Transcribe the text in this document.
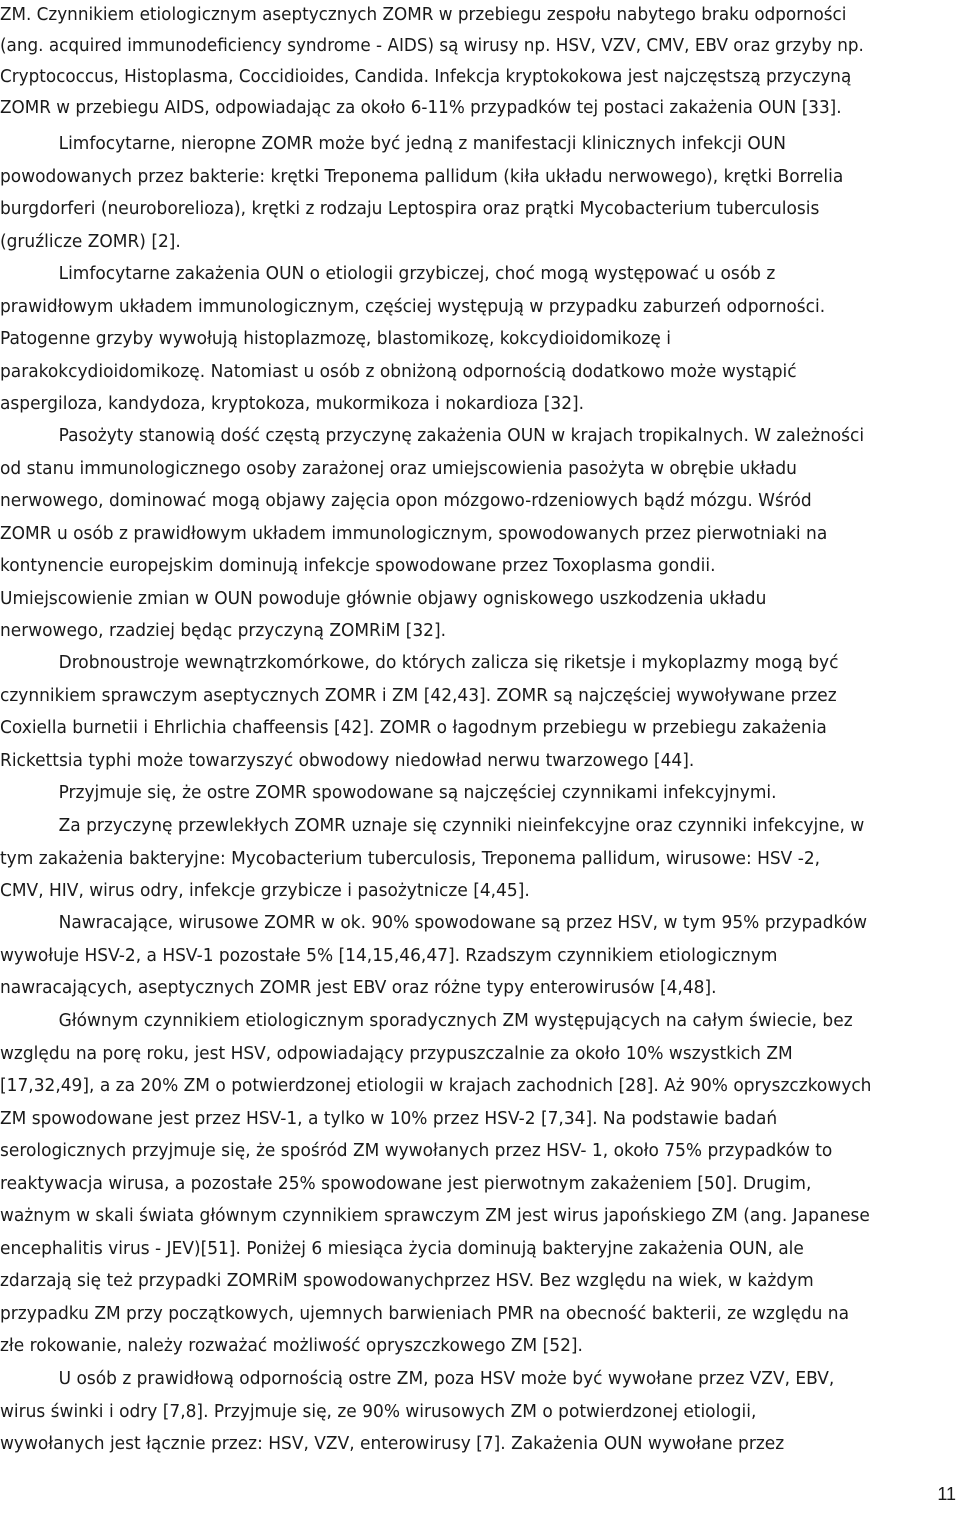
ZM. Czynnikiem etiologicznym aseptycznych ZOMR w przebiegu zespołu nabytego braku odporności
(ang. acquired immunodeficiency syndrome - AIDS) są wirusy np. HSV, VZV, CMV, EBV oraz grzyby np.
Cryptococcus, Histoplasma, Coccidioides, Candida. Infekcja kryptokokowa jest najczęstszą przyczyną
ZOMR w przebiegu AIDS, odpowiadając za około 6-11% przypadków tej postaci zakażenia OUN [33].
Limfocytarne, nieropne ZOMR może być jedną z manifestacji klinicznych infekcji OUN
powodowanych przez bakterie: krętki Treponema pallidum (kiła układu nerwowego), krętki Borrelia
burgdorferi (neuroborelioza), krętki z rodzaju Leptospira oraz prątki Mycobacterium tuberculosis
(gruźlicze ZOMR) [2].
Limfocytarne zakażenia OUN o etiologii grzybiczej, choć mogą występować u osób z
prawidłowym układem immunologicznym, częściej występują w przypadku zaburzeń odporności.
Patogenne grzyby wywołują histoplazmozę, blastomikozę, kokcydioidomikozę i
parakokcydioidomikozę. Natomiast u osób z obniżoną odpornością dodatkowo może wystąpić
aspergiloza, kandydoza, kryptokoza, mukormikoza i nokardioza [32].
Pasożyty stanowią dość częstą przyczynę zakażenia OUN w krajach tropikalnych. W zależności
od stanu immunologicznego osoby zarażonej oraz umiejscowienia pasożyta w obrębie układu
nerwowego, dominować mogą objawy zajęcia opon mózgowo-rdzeniowych bądź mózgu. Wśród
ZOMR u osób z prawidłowym układem immunologicznym, spowodowanych przez pierwotniaki na
kontynencie europejskim dominują infekcje spowodowane przez Toxoplasma gondii.
Umiejscowienie zmian w OUN powoduje głównie objawy ogniskowego uszkodzenia układu
nerwowego, rzadziej będąc przyczyną ZOMRiM [32].
Drobnoustroje wewnątrzkomórkowe, do których zalicza się riketsje i mykoplazmy mogą być
czynnikiem sprawczym aseptycznych ZOMR i ZM [42,43]. ZOMR są najczęściej wywoływane przez
Coxiella burnetii i Ehrlichia chaffeensis [42]. ZOMR o łagodnym przebiegu w przebiegu zakażenia
Rickettsia typhi może towarzyszyć obwodowy niedowład nerwu twarzowego [44].
Przyjmuje się, że ostre ZOMR spowodowane są najczęściej czynnikami infekcyjnymi.
Za przyczynę przewlekłych ZOMR uznaje się czynniki nieinfekcyjne oraz czynniki infekcyjne, w
tym zakażenia bakteryjne: Mycobacterium tuberculosis, Treponema pallidum, wirusowe: HSV -2,
CMV, HIV, wirus odry, infekcje grzybicze i pasożytnicze [4,45].
Nawracające, wirusowe ZOMR w ok. 90% spowodowane są przez HSV, w tym 95% przypadków
wywołuje HSV-2, a HSV-1 pozostałe 5% [14,15,46,47]. Rzadszym czynnikiem etiologicznym
nawracających, aseptycznych ZOMR jest EBV oraz różne typy enterowirusów [4,48].
Głównym czynnikiem etiologicznym sporadycznych ZM występujących na całym świecie, bez
względu na porę roku, jest HSV, odpowiadający przypuszczalnie za około 10% wszystkich ZM
[17,32,49], a za 20% ZM o potwierdzonej etiologii w krajach zachodnich [28]. Aż 90% opryszczkowych
ZM spowodowane jest przez HSV-1, a tylko w 10% przez HSV-2 [7,34]. Na podstawie badań
serologicznych przyjmuje się, że spośród ZM wywołanych przez HSV- 1, około 75% przypadków to
reaktywacja wirusa, a pozostałe 25% spowodowane jest pierwotnym zakażeniem [50]. Drugim,
ważnym w skali świata głównym czynnikiem sprawczym ZM jest wirus japońskiego ZM (ang. Japanese
encephalitis virus - JEV)[51]. Poniżej 6 miesiąca życia dominują bakteryjne zakażenia OUN, ale
zdarzają się też przypadki ZOMRiM spowodowanychprzez HSV. Bez względu na wiek, w każdym
przypadku ZM przy początkowych, ujemnych barwieniach PMR na obecność bakterii, ze względu na
złe rokowanie, należy rozważać możliwość opryszczkowego ZM [52].
U osób z prawidłową odpornością ostre ZM, poza HSV może być wywołane przez VZV, EBV,
wirus świnki i odry [7,8]. Przyjmuje się, ze 90% wirusowych ZM o potwierdzonej etiologii,
wywołanych jest łącznie przez: HSV, VZV, enterowirusy [7]. Zakażenia OUN wywołane przez

11
